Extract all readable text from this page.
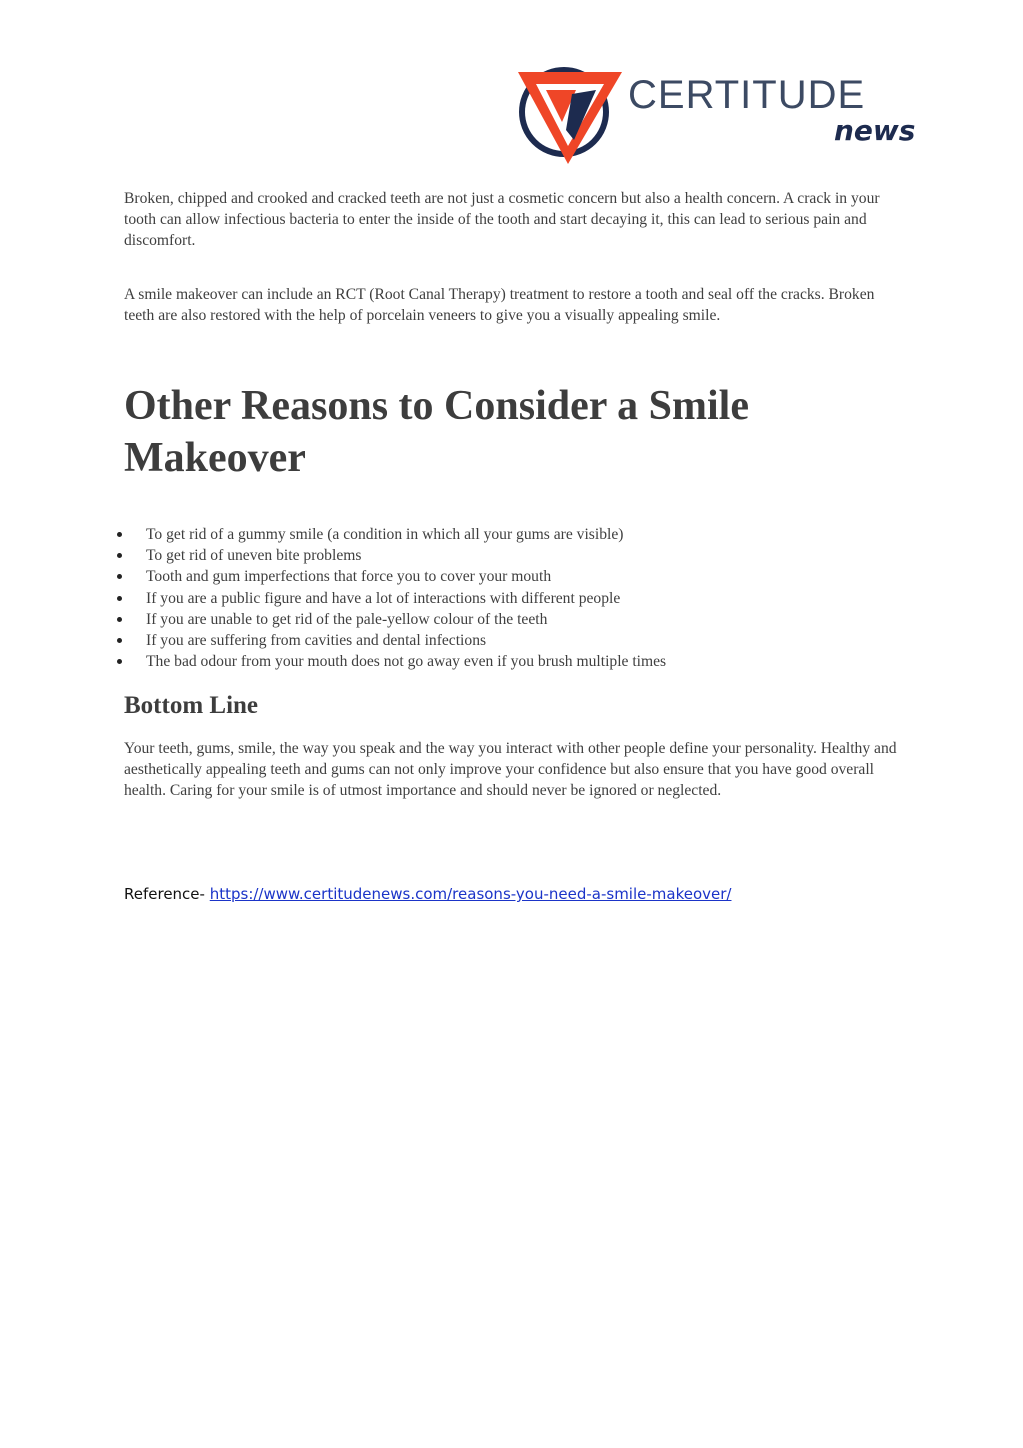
CERTITUDE
news

Broken, chipped and crooked and cracked teeth are not just a cosmetic concern but also a health concern. A crack in your tooth can allow infectious bacteria to enter the inside of the tooth and start decaying it, this can lead to serious pain and discomfort.

A smile makeover can include an RCT (Root Canal Therapy) treatment to restore a tooth and seal off the cracks. Broken teeth are also restored with the help of porcelain veneers to give you a visually appealing smile.

Other Reasons to Consider a Smile Makeover
To get rid of a gummy smile (a condition in which all your gums are visible)
To get rid of uneven bite problems
Tooth and gum imperfections that force you to cover your mouth
If you are a public figure and have a lot of interactions with different people
If you are unable to get rid of the pale-yellow colour of the teeth
If you are suffering from cavities and dental infections
The bad odour from your mouth does not go away even if you brush multiple times
Bottom Line

Your teeth, gums, smile, the way you speak and the way you interact with other people define your personality. Healthy and aesthetically appealing teeth and gums can not only improve your confidence but also ensure that you have good overall health. Caring for your smile is of utmost importance and should never be ignored or neglected.

Reference- https://www.certitudenews.com/reasons-you-need-a-smile-makeover/
